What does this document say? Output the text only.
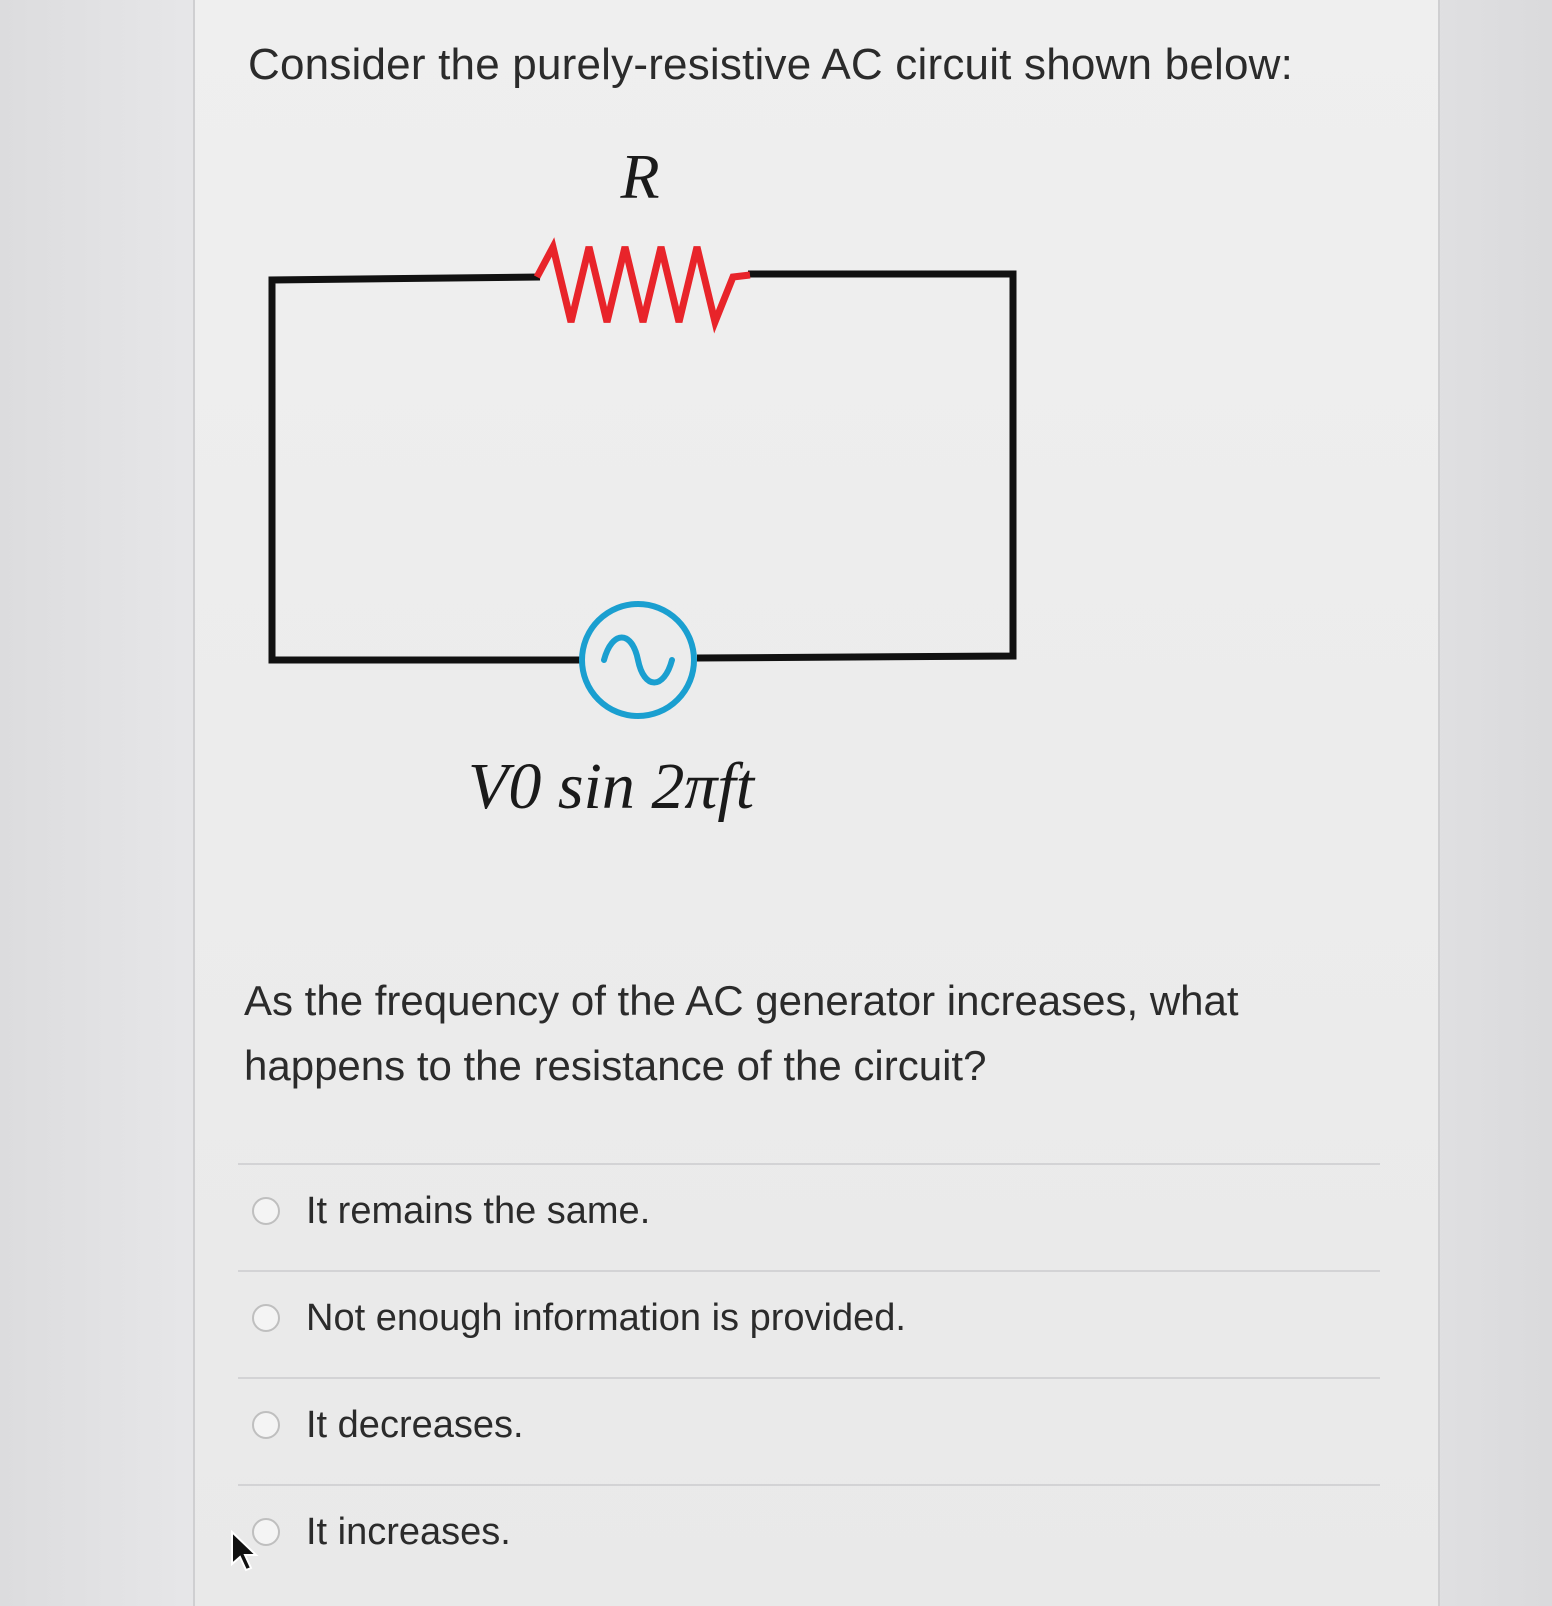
Consider the purely-resistive AC circuit shown below:
R
V0 sin 2πft
As the frequency of the AC generator increases, what happens to the resistance of the circuit?
It remains the same.
Not enough information is provided.
It decreases.
It increases.
